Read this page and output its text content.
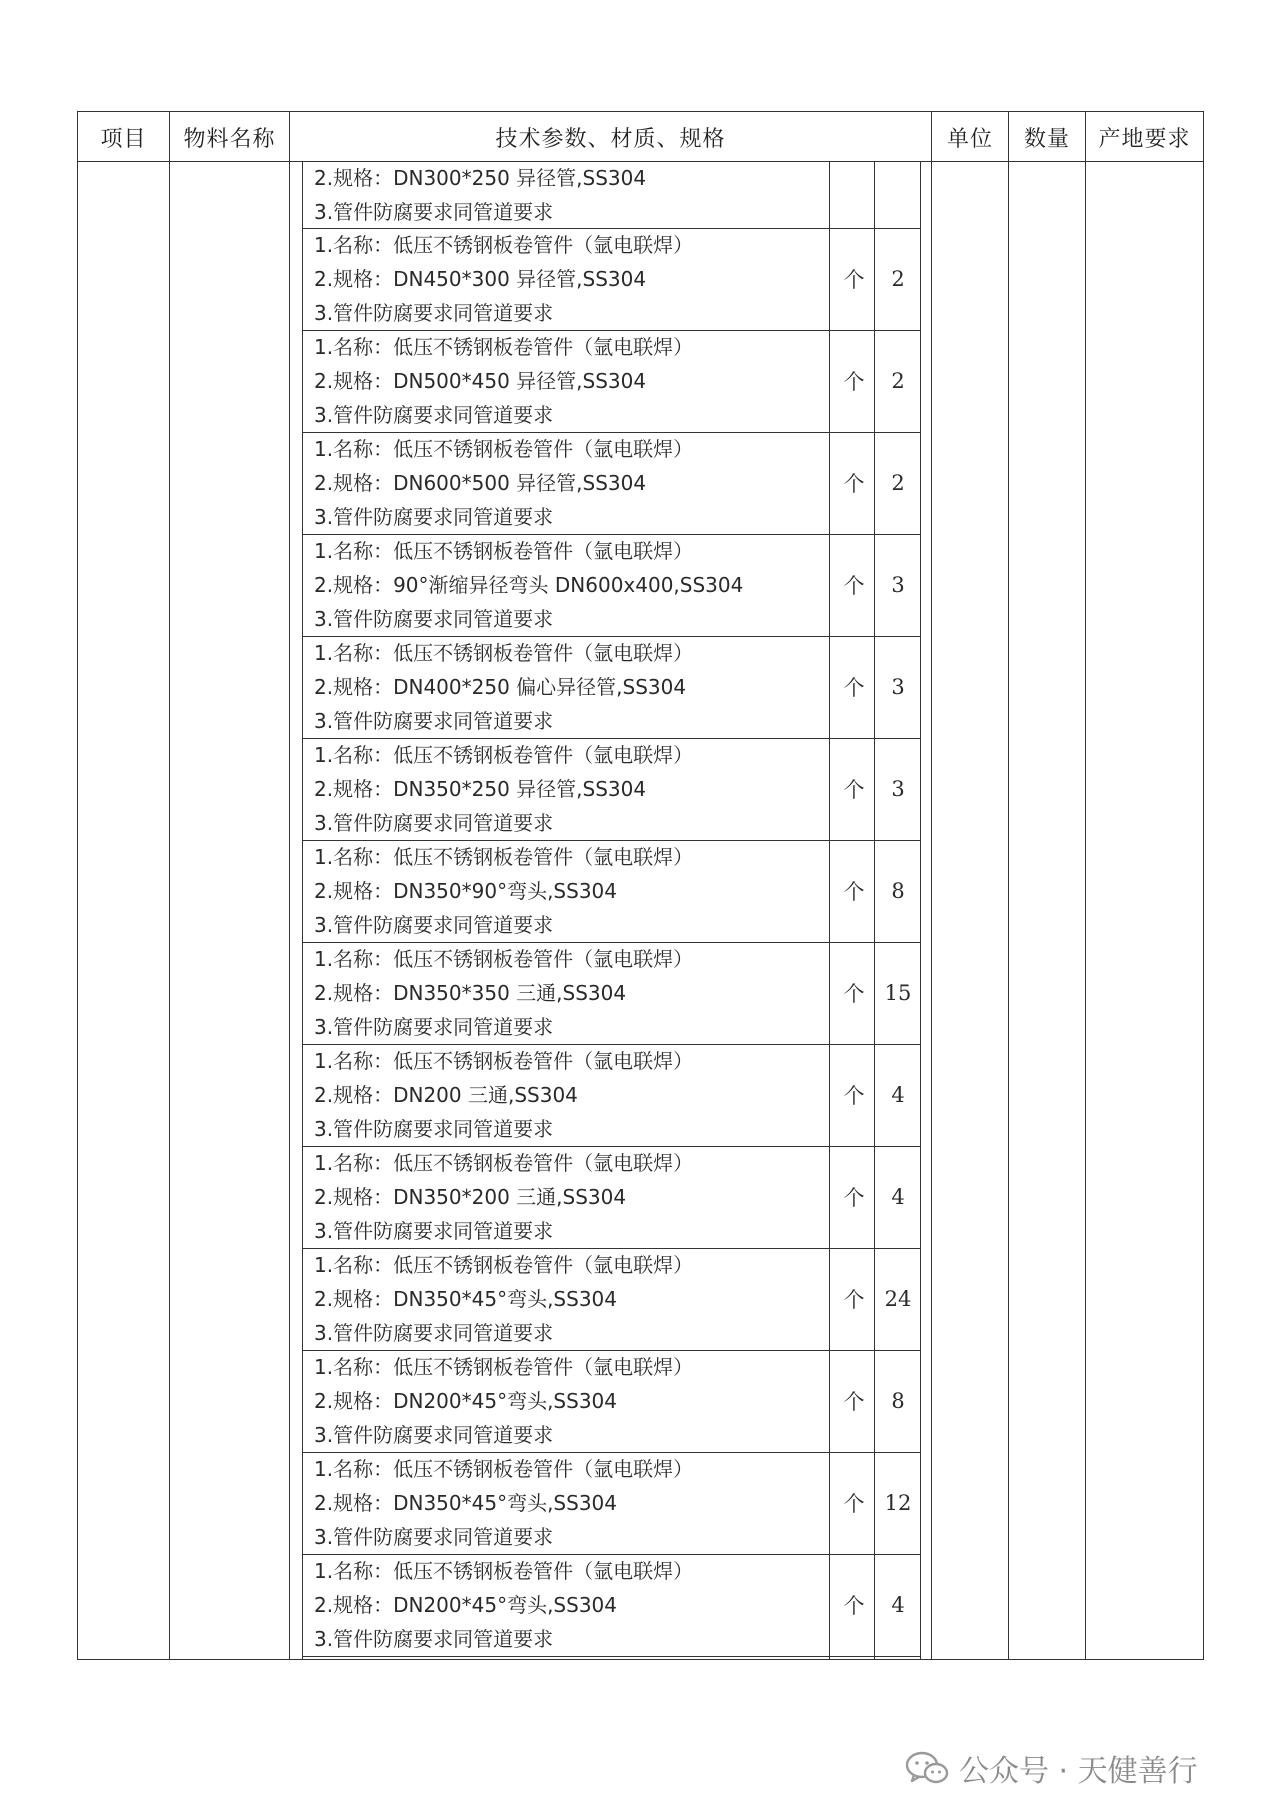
项目	物料名称	技术参数、材质、规格	单位	数量	产地要求
2.规格：DN300*250 异径管,SS304
3.管件防腐要求同管道要求
1.名称：低压不锈钢板卷管件（氩电联焊）
2.规格：DN450*300 异径管,SS304
3.管件防腐要求同管道要求
个	2
1.名称：低压不锈钢板卷管件（氩电联焊）
2.规格：DN500*450 异径管,SS304
3.管件防腐要求同管道要求
个	2
1.名称：低压不锈钢板卷管件（氩电联焊）
2.规格：DN600*500 异径管,SS304
3.管件防腐要求同管道要求
个	2
1.名称：低压不锈钢板卷管件（氩电联焊）
2.规格：90°渐缩异径弯头 DN600x400,SS304
3.管件防腐要求同管道要求
个	3
1.名称：低压不锈钢板卷管件（氩电联焊）
2.规格：DN400*250 偏心异径管,SS304
3.管件防腐要求同管道要求
个	3
1.名称：低压不锈钢板卷管件（氩电联焊）
2.规格：DN350*250 异径管,SS304
3.管件防腐要求同管道要求
个	3
1.名称：低压不锈钢板卷管件（氩电联焊）
2.规格：DN350*90°弯头,SS304
3.管件防腐要求同管道要求
个	8
1.名称：低压不锈钢板卷管件（氩电联焊）
2.规格：DN350*350 三通,SS304
3.管件防腐要求同管道要求
个 15
1.名称：低压不锈钢板卷管件（氩电联焊）
2.规格：DN200 三通,SS304
3.管件防腐要求同管道要求
个	4
1.名称：低压不锈钢板卷管件（氩电联焊）
2.规格：DN350*200 三通,SS304
3.管件防腐要求同管道要求
个	4
1.名称：低压不锈钢板卷管件（氩电联焊）
2.规格：DN350*45°弯头,SS304
3.管件防腐要求同管道要求
个 24
1.名称：低压不锈钢板卷管件（氩电联焊）
2.规格：DN200*45°弯头,SS304
3.管件防腐要求同管道要求
个	8
1.名称：低压不锈钢板卷管件（氩电联焊）
2.规格：DN350*45°弯头,SS304
3.管件防腐要求同管道要求
个 12
1.名称：低压不锈钢板卷管件（氩电联焊）
2.规格：DN200*45°弯头,SS304
3.管件防腐要求同管道要求
个	4
公众号 · 天健善行
